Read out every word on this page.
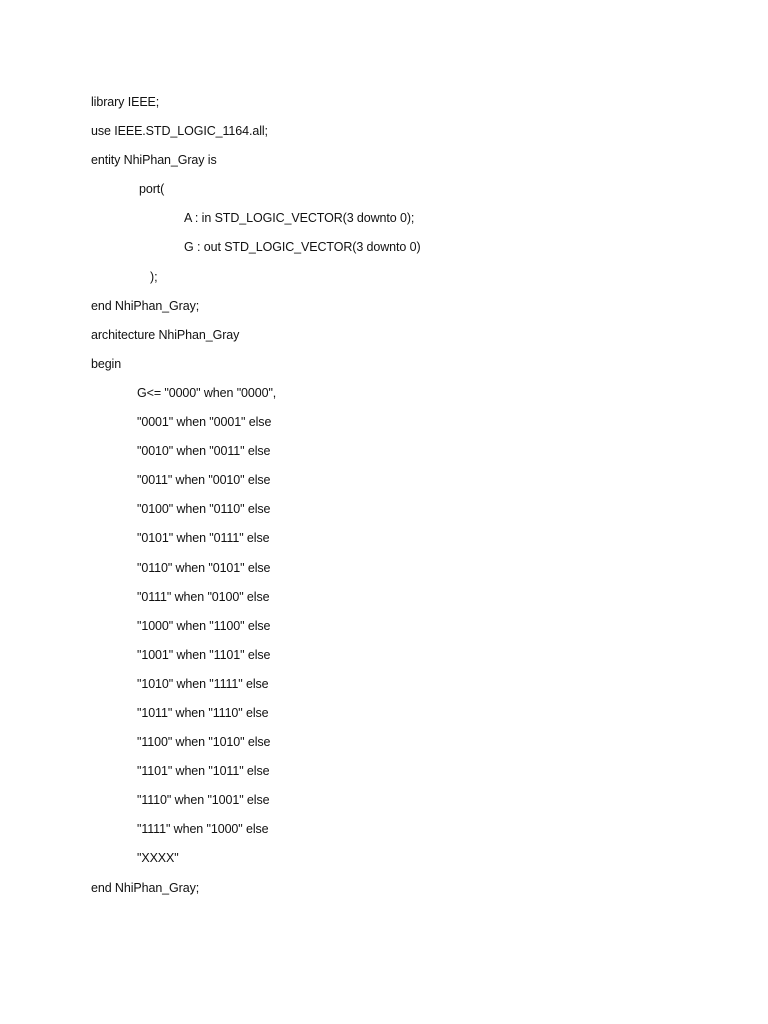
library IEEE;
use IEEE.STD_LOGIC_1164.all;
entity NhiPhan_Gray is
port(
A : in STD_LOGIC_VECTOR(3 downto 0);
G : out STD_LOGIC_VECTOR(3 downto 0)
);
end NhiPhan_Gray;
architecture NhiPhan_Gray
begin
G<= "0000" when "0000",
"0001" when "0001" else
"0010" when "0011" else
"0011" when "0010" else
"0100" when "0110" else
"0101" when "0111" else
"0110" when "0101" else
"0111" when "0100" else
"1000" when "1100" else
"1001" when "1101" else
"1010" when "1111" else
"1011" when "1110" else
"1100" when "1010" else
"1101" when "1011" else
"1110" when "1001" else
"1111" when "1000" else
"XXXX"
end NhiPhan_Gray;
